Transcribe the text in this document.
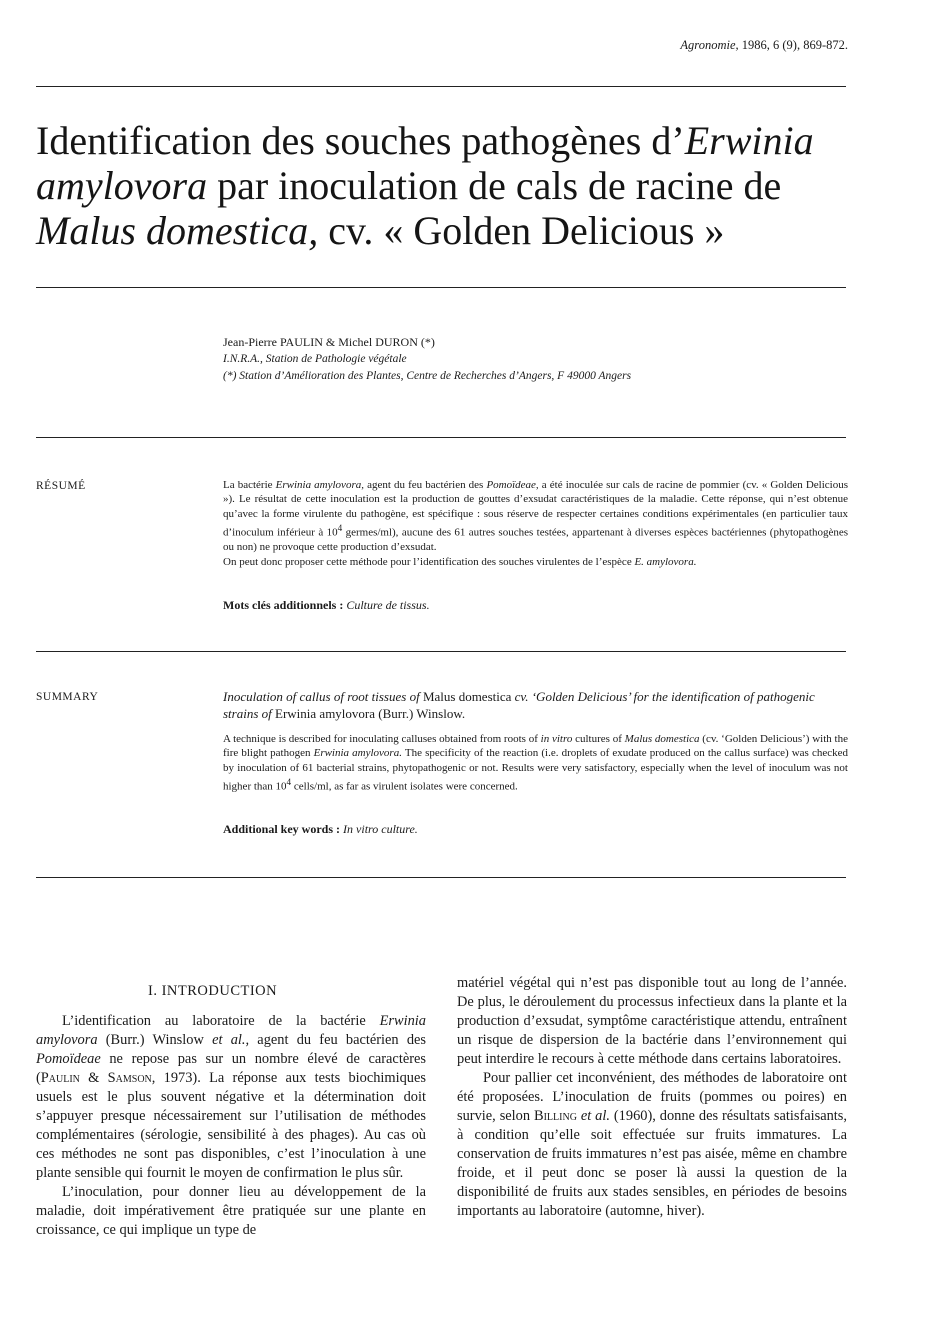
Agronomie, 1986, 6 (9), 869-872.
Identification des souches pathogènes d’Erwinia
amylovora par inoculation de cals de racine de
Malus domestica, cv. « Golden Delicious »
Jean-Pierre PAULIN & Michel DURON (*)
I.N.R.A., Station de Pathologie végétale
(*) Station d’Amélioration des Plantes, Centre de Recherches d’Angers, F 49000 Angers
RÉSUMÉ	La bactérie Erwinia amylovora, agent du feu bactérien des Pomoïdeae, a été inoculée sur cals de racine de pommier (cv. « Golden Delicious »). Le résultat de cette inoculation est la production de gouttes d’exsudat caractéristiques de la maladie. Cette réponse, qui n’est obtenue qu’avec la forme virulente du pathogène, est spécifique : sous réserve de respecter certaines conditions expérimentales (en particulier taux d’inoculum inférieur à $10^4$ germes/ml), aucune des 61 autres souches testées, appartenant à diverses espèces bactériennes (phytopathogènes ou non) ne provoque cette production d’exsudat.
On peut donc proposer cette méthode pour l’identification des souches virulentes de l’espèce E. amylovora.
Mots clés additionnels : Culture de tissus.
SUMMARY	Inoculation of callus of root tissues of Malus domestica cv. ‘Golden Delicious’ for the identification of pathogenic strains of Erwinia amylovora (Burr.) Winslow.
A technique is described for inoculating calluses obtained from roots of in vitro cultures of Malus domestica (cv. ‘Golden Delicious’) with the fire blight pathogen Erwinia amylovora. The specificity of the reaction (i.e. droplets of exudate produced on the callus surface) was checked by inoculation of 61 bacterial strains, phytopathogenic or not. Results were very satisfactory, especially when the level of inoculum was not higher than $10^4$ cells/ml, as far as virulent isolates were concerned.
Additional key words : In vitro culture.
I. INTRODUCTION

L’identification au laboratoire de la bactérie Erwinia amylovora (Burr.) Winslow et al., agent du feu bactérien des Pomoïdeae ne repose pas sur un nombre élevé de caractères (Paulin & Samson, 1973). La réponse aux tests biochimiques usuels est le plus souvent négative et la détermination doit s’appuyer presque nécessairement sur l’utilisation de méthodes complémentaires (sérologie, sensibilité à des phages). Au cas où ces méthodes ne sont pas disponibles, c’est l’inoculation à une plante sensible qui fournit le moyen de confirmation le plus sûr.

L’inoculation, pour donner lieu au développement de la maladie, doit impérativement être pratiquée sur une plante en croissance, ce qui implique un type de

matériel végétal qui n’est pas disponible tout au long de l’année. De plus, le déroulement du processus infectieux dans la plante et la production d’exsudat, symptôme caractéristique attendu, entraînent un risque de dispersion de la bactérie dans l’environnement qui peut interdire le recours à cette méthode dans certains laboratoires.

Pour pallier cet inconvénient, des méthodes de laboratoire ont été proposées. L’inoculation de fruits (pommes ou poires) en survie, selon Billing et al. (1960), donne des résultats satisfaisants, à condition qu’elle soit effectuée sur fruits immatures. La conservation de fruits immatures n’est pas aisée, même en chambre froide, et il peut donc se poser là aussi la question de la disponibilité de fruits aux stades sensibles, en périodes de besoins importants au laboratoire (automne, hiver).
